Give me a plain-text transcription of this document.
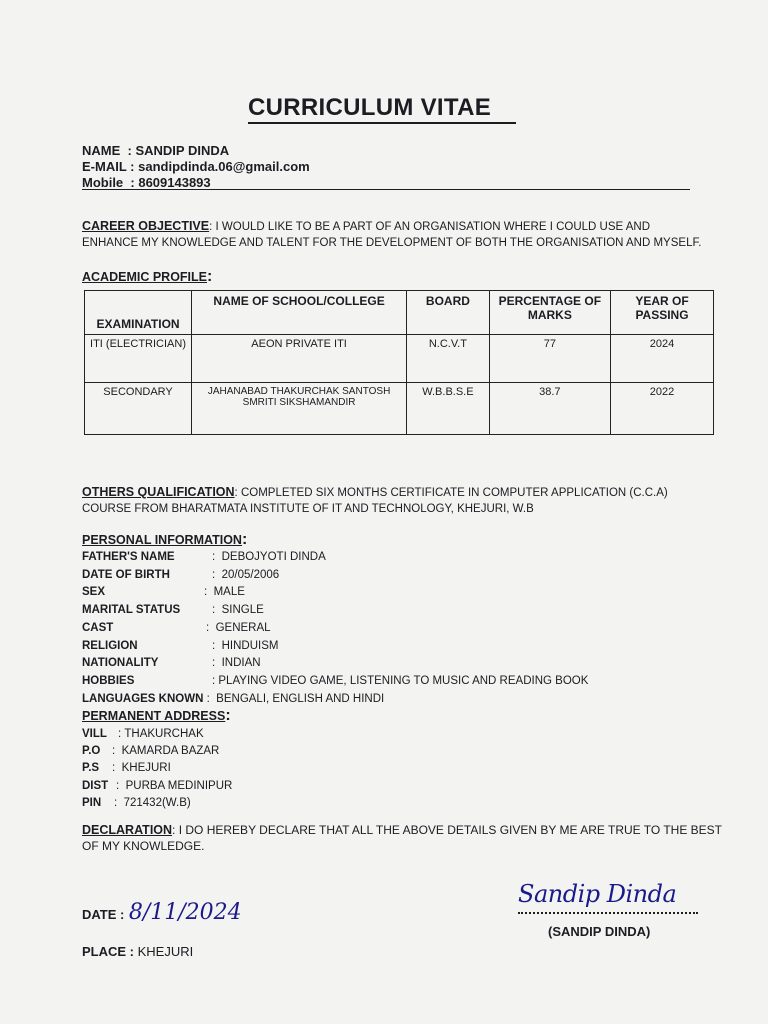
CURRICULUM VITAE
NAME  : SANDIP DINDA
E-MAIL : sandipdinda.06@gmail.com
Mobile  : 8609143893
CAREER OBJECTIVE: I WOULD LIKE TO BE A PART OF AN ORGANISATION WHERE I COULD USE AND
ENHANCE MY KNOWLEDGE AND TALENT FOR THE DEVELOPMENT OF BOTH THE ORGANISATION AND MYSELF.
ACADEMIC PROFILE:
EXAMINATION	NAME OF SCHOOL/COLLEGE	BOARD	PERCENTAGE OF MARKS	YEAR OF PASSING
ITI (ELECTRICIAN)	AEON PRIVATE ITI	N.C.V.T	77	2024
SECONDARY	JAHANABAD THAKURCHAK SANTOSH SMRITI SIKSHAMANDIR	W.B.B.S.E	38.7	2022
OTHERS QUALIFICATION: COMPLETED SIX MONTHS CERTIFICATE IN COMPUTER APPLICATION (C.C.A)
COURSE FROM BHARATMATA INSTITUTE OF IT AND TECHNOLOGY, KHEJURI, W.B
PERSONAL INFORMATION:
FATHER'S NAME	:  DEBOJYOTI DINDA
DATE OF BIRTH	:  20/05/2006
SEX	:  MALE
MARITAL STATUS	:  SINGLE
CAST	:  GENERAL
RELIGION	:  HINDUISM
NATIONALITY	:  INDIAN
HOBBIES	: PLAYING VIDEO GAME, LISTENING TO MUSIC AND READING BOOK
LANGUAGES KNOWN :  BENGALI, ENGLISH AND HINDI
PERMANENT ADDRESS:
VILL : THAKURCHAK
P.O :  KAMARDA BAZAR
P.S :  KHEJURI
DIST :  PURBA MEDINIPUR
PIN :  721432(W.B)
DECLARATION: I DO HEREBY DECLARE THAT ALL THE ABOVE DETAILS GIVEN BY ME ARE TRUE TO THE BEST
OF MY KNOWLEDGE.
DATE : 8/11/2024
PLACE : KHEJURI
Sandip Dinda
(SANDIP DINDA)
